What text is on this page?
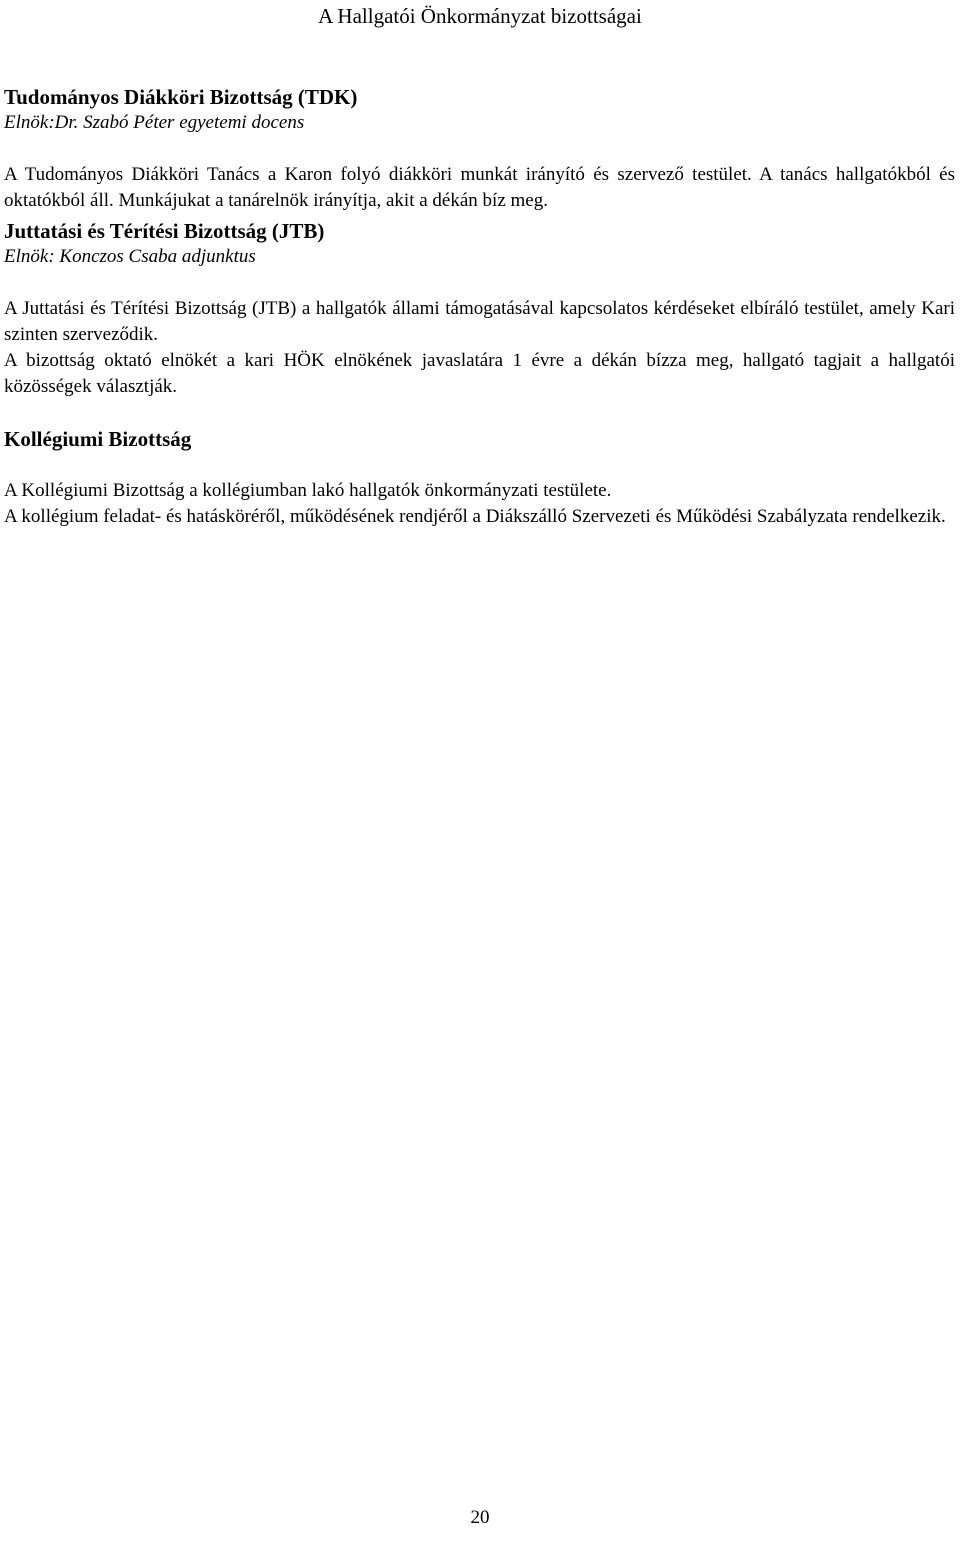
A Hallgatói Önkormányzat bizottságai

Tudományos Diákköri Bizottság (TDK)

Elnök:Dr. Szabó Péter egyetemi docens

A Tudományos Diákköri Tanács a Karon folyó diákköri munkát irányító és szervező testület. A tanács hallgatókból és oktatókból áll. Munkájukat a tanárelnök irányítja, akit a dékán bíz meg.

Juttatási és Térítési Bizottság (JTB)

Elnök: Konczos Csaba adjunktus

A Juttatási és Térítési Bizottság (JTB) a hallgatók állami támogatásával kapcsolatos kérdéseket elbíráló testület, amely Kari szinten szerveződik.

A bizottság oktató elnökét a kari HÖK elnökének javaslatára 1 évre a dékán bízza meg, hallgató tagjait a hallgatói közösségek választják.

Kollégiumi Bizottság

A Kollégiumi Bizottság a kollégiumban lakó hallgatók önkormányzati testülete.

A kollégium feladat- és hatásköréről, működésének rendjéről a Diákszálló Szervezeti és Működési Szabályzata rendelkezik.

20
